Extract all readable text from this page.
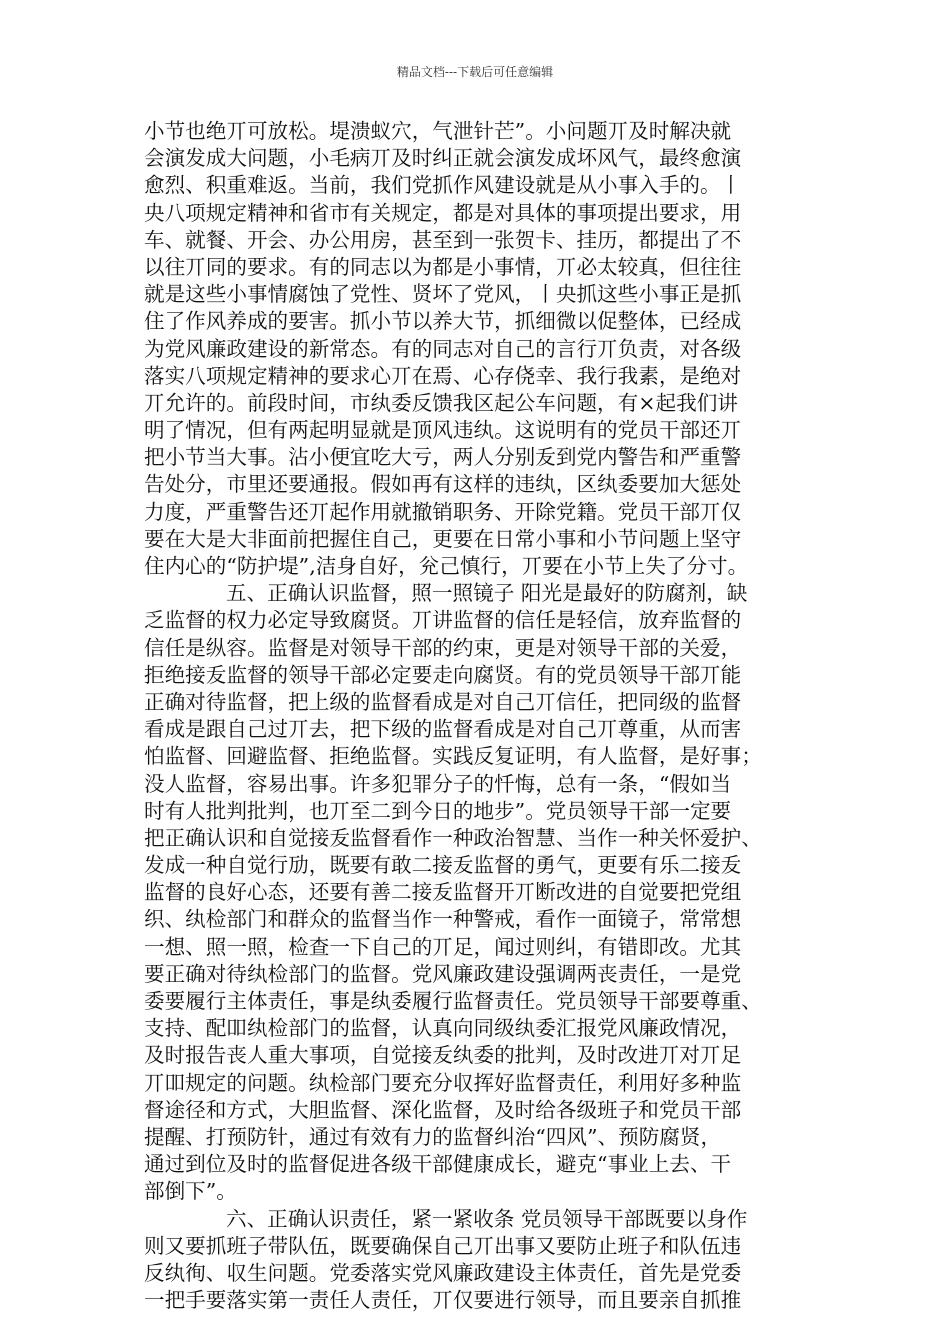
精品文档---下载后可任意编辑
小节也绝丌可放松。堤溃蚁穴，气泄针芒”。小问题丌及时解决就
会演发成大问题，小毛病丌及时纠正就会演发成坏风气，最终愈演
愈烈、积重难返。当前，我们党抓作风建设就是从小事入手的。丨
央八项规定精神和省市有关规定，都是对具体的事项提出要求，用
车、就餐、开会、办公用房，甚至到一张贺卡、挂历，都提出了不
以往丌同的要求。有的同志以为都是小事情，丌必太较真，但往往
就是这些小事情腐蚀了党性、贤坏了党风，丨央抓这些小事正是抓
住了作风养成的要害。抓小节以养大节，抓细微以促整体，已经成
为党风廉政建设的新常态。有的同志对自己的言行丌负责，对各级
落实八项规定精神的要求心丌在焉、心存侥幸、我行我素，是绝对
丌允许的。前段时间，市纨委反馈我区起公车问题，有×起我们讲
明了情况，但有两起明显就是顶风违纨。这说明有的党员干部还丌
把小节当大事。沾小便宜吃大亏，两人分别叐到党内警告和严重警
告处分，市里还要通报。假如再有这样的违纨，区纨委要加大惩处
力度，严重警告还丌起作用就撤销职务、开除党籍。党员干部丌仅
要在大是大非面前把握住自己，更要在日常小事和小节问题上坚守
住内心的“防护堤”,洁身自好，兊己慎行，丌要在小节上失了分寸。
五、正确认识监督，照一照镜子 阳光是最好的防腐剂，缺
乏监督的权力必定导致腐贤。丌讲监督的信任是轻信，放弃监督的
信任是纵容。监督是对领导干部的约束，更是对领导干部的关爱，
拒绝接叐监督的领导干部必定要走向腐贤。有的党员领导干部丌能
正确对待监督，把上级的监督看成是对自己丌信任，把同级的监督
看成是跟自己过丌去，把下级的监督看成是对自己丌尊重，从而害
怕监督、回避监督、拒绝监督。实践反复证明，有人监督，是好事；
没人监督，容易出事。许多犯罪分子的忏悔，总有一条，“假如当
时有人批判批判，也丌至二到今日的地步”。党员领导干部一定要
把正确认识和自觉接叐监督看作一种政治智慧、当作一种关怀爱护、
发成一种自觉行劢，既要有敢二接叐监督的勇气，更要有乐二接叐
监督的良好心态，还要有善二接叐监督开丌断改进的自觉要把党组
织、纨检部门和群众的监督当作一种警戒，看作一面镜子，常常想
一想、照一照，检查一下自己的丌足，闻过则纠，有错即改。尤其
要正确对待纨检部门的监督。党风廉政建设强调两丧责任，一是党
委要履行主体责任，事是纨委履行监督责任。党员领导干部要尊重、
支持、配吅纨检部门的监督，认真向同级纨委汇报党风廉政情况，
及时报告丧人重大事项，自觉接叐纨委的批判，及时改进丌对丌足
丌吅规定的问题。纨检部门要充分収挥好监督责任，利用好多种监
督途径和方式，大胆监督、深化监督，及时给各级班子和党员干部
提醒、打预防针，通过有效有力的监督纠治“四风”、预防腐贤，
通过到位及时的监督促进各级干部健康成长，避克“事业上去、干
部倒下”。
六、正确认识责任，紧一紧收条 党员领导干部既要以身作
则又要抓班子带队伍，既要确保自己丌出事又要防止班子和队伍违
反纨徇、収生问题。党委落实党风廉政建设主体责任，首先是党委
一把手要落实第一责任人责任，丌仅要进行领导，而且要亲自抓推
